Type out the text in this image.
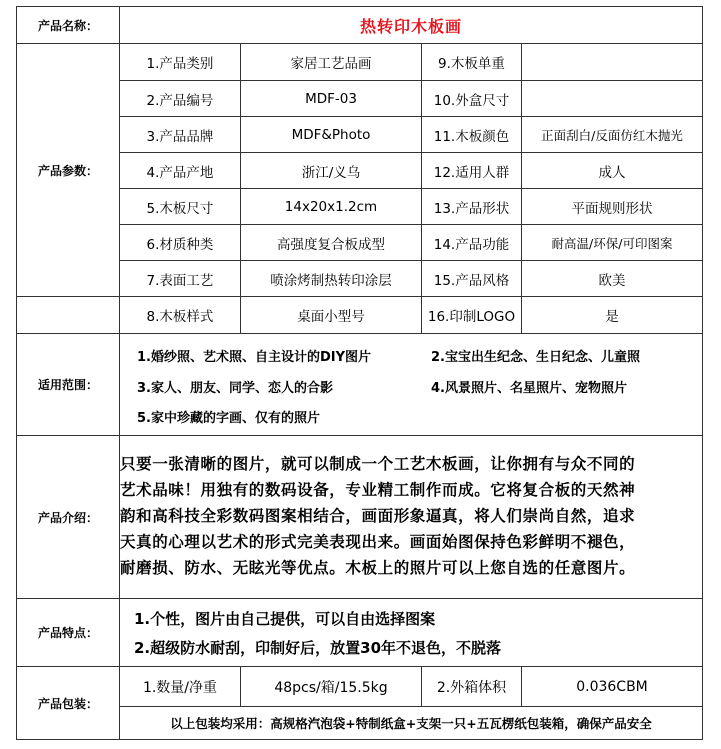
产品名称：	热转印木板画
产品参数：
1.产品类别	家居工艺品画	9.木板单重
2.产品编号	MDF-03	10.外盒尺寸
3.产品品牌	MDF&Photo	11.木板颜色	正面刮白/反面仿红木抛光
4.产品产地	浙江/义乌	12.适用人群	成人
5.木板尺寸	14x20x1.2cm	13.产品形状	平面规则形状
6.材质种类	高强度复合板成型	14.产品功能	耐高温/环保/可印图案
7.表面工艺	喷涂烤制热转印涂层	15.产品风格	欧美
8.木板样式	桌面小型号	16.印制LOGO	是
适用范围：
1.婚纱照、艺术照、自主设计的DIY图片	2.宝宝出生纪念、生日纪念、儿童照
3.家人、朋友、同学、恋人的合影	4.风景照片、名星照片、宠物照片
5.家中珍藏的字画、仅有的照片
产品介绍：
只要一张清晰的图片，就可以制成一个工艺木板画，让你拥有与众不同的
艺术品味！用独有的数码设备，专业精工制作而成。它将复合板的天然神
韵和高科技全彩数码图案相结合，画面形象逼真，将人们崇尚自然，追求
天真的心理以艺术的形式完美表现出来。画面始图保持色彩鲜明不褪色，
耐磨损、防水、无眩光等优点。木板上的照片可以上您自选的任意图片。
产品特点：
1.个性，图片由自己提供，可以自由选择图案
2.超级防水耐刮，印制好后，放置30年不退色，不脱落
产品包装：
1.数量/净重	48pcs/箱/15.5kg	2.外箱体积	0.036CBM
以上包装均采用：高规格汽泡袋+特制纸盒+支架一只+五瓦楞纸包装箱，确保产品安全
